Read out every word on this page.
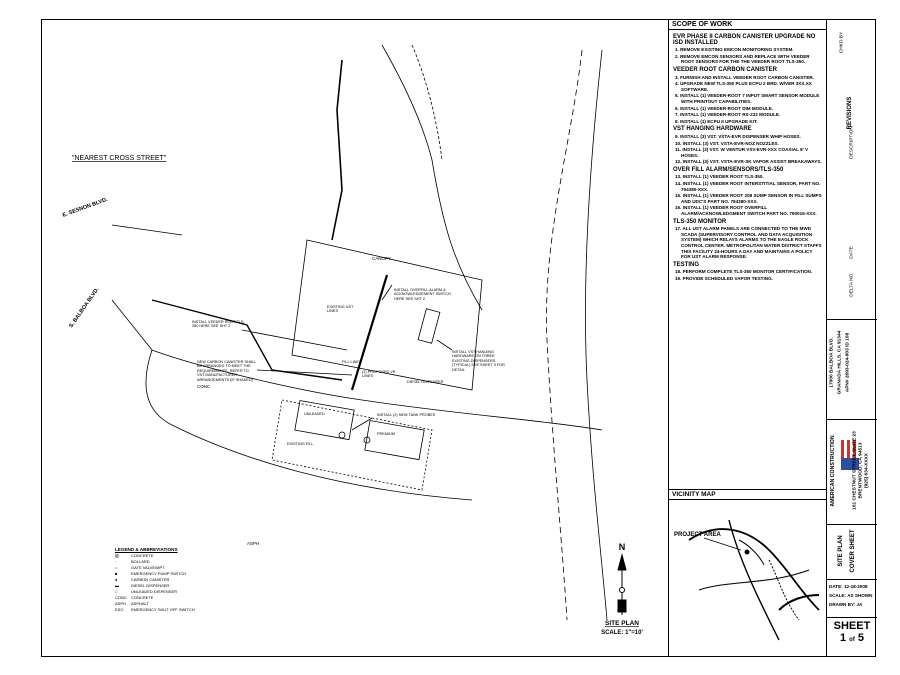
N
SITE PLAN
SCALE: 1"=10'
"NEAREST CROSS STREET"
E. SESNON BLVD.
S. BALBOA BLVD.
CANOPY
ASPH
CONC
INSTALL VEEDER ROOT TLS-350 HERE SEE SHT 2
INSTALL OVERFILL ALARM & ACKNOWLEDGEMENT SWITCH HERE SEE SHT 2
EXISTING UST LINES
INSTALL VST HANGING HARDWARE ON THREE EXISTING DISPENSERS (TYPICAL) SEE SHEET 3 FOR DETAIL
INSTALL (2) NEW TANK PROBES
NEW CARBON CANISTER SHALL BE ARRANGED TO MEET THE REQUIREMENTS, REFER TO VST MANUFACTURER ARRANGEMENTS (IF SHADED)
UNLEADED
PREMIUM
EXISTING FILL
DIESEL DISPENSER
(2) PROPOSED VR LINES
FILL LINES
LEGEND & ABBREVIATIONS
▨	CONCRETE
·	BOLLARD
○	GATE VALVE/MPT
■	EMERGENCY PUMP SWITCH
●	CARBON CANISTER
▬	DIESEL DISPENSER
□	UNLEADED DISPENSER
CONC	CONCRETE
ASPH	ASPHALT
ESO	EMERGENCY SHUT OFF SWITCH
SCOPE OF WORK
EVR PHASE II CARBON CANISTER UPGRADE NO ISD INSTALLED
1. REMOVE EXISTING EMCON MONITORING SYSTEM.
2. REMOVE EMCON SENSORS AND REPLACE WITH VEEDER ROOT SENSORS FOR THE THE VEEDER ROOT TLS-350.
VEEDER ROOT CARBON CANISTER
3. FURNISH AND INSTALL VEEDER ROOT CARBON CANISTER.
4. UPGRADE NEW TLS-350 PLUS ECPU 2 BRD. W/VER 3XX.XX SOFTWARE.
5. INSTALL (1) VEEDER-ROOT 7 INPUT SMART SENSOR MODULE WITH PRINTOUT CAPABILITIES.
6. INSTALL (1) VEEDER-ROOT DIM MODULE.
7. INSTALL (1) VEEDER-ROOT RS-232 MODULE.
8. INSTALL (1) ECPU II UPGRADE KIT.
VST HANGING HARDWARE
9. INSTALL (3) VST. VSTA-EVR DISPENSER WHIP HOSES.
10. INSTALL (3) VST. VSTA-EVR-NOZ NOZZLES.
11. INSTALL (3) VST. W VENTUR VSV-EVR-XXX COAXIAL 8' V HOSES.
12. INSTALL (3) VST. VSTA-EVR-SK VAPOR ASSIST BREAKAWAYS.
OVER FILL ALARM/SENSORS/TLS-350
13. INSTALL (1) VEEDER ROOT TLS-350.
14. INSTALL (1) VEEDER ROOT INTERSTITIAL SENSOR, PART NO. 794380-XXX.
15. INSTALL (1) VEEDER ROOT 208 SUMP SENSOR IN FILL SUMPS AND UDC'S PART NO. 794380-XXX.
16. INSTALL (1) VEEDER ROOT OVERFILL ALARM/ACKNOWLEDGMENT SWITCH PART NO. 790015-XXX.
TLS-350 MONITOR
17. ALL UST ALARM PANELS ARE CONNECTED TO THE MWD SCADA (SUPERVISORY CONTROL AND DATA ACQUISITION SYSTEM) WHICH RELAYS ALARMS TO THE EAGLE ROCK CONTROL CENTER. METROPOLITAN WATER DISTRICT STAFFS THIS FACILITY 24-HOURS A DAY AND MAINTAINS A POLICY FOR UST ALARM RESPONSE.
TESTING
18. PERFORM COMPLETE TLS-350 MONITOR CERTIFICATION.
19. PROVIDE SCHEDULED VAPOR TESTING.
VICINITY MAP
PROJECT AREA
REVISIONS
CHKD BY
DESCRIPTION
DATE
DELTA NO.
17000 BALBOA BLVD. GRANADA HILLS, CA 91344 APN# 2693-024-903 ID 108
AMERICAN CONSTRUCTION	161 CHESTNUT STREET, SUITE 23 BRENTWOOD, CA 94513 (925) 634-XXXX
SITE PLAN COVER SHEET
DATE: 12-18-2008
SCALE: AS SHOWN
DRAWN BY: JA
SHEET
1 of 5
